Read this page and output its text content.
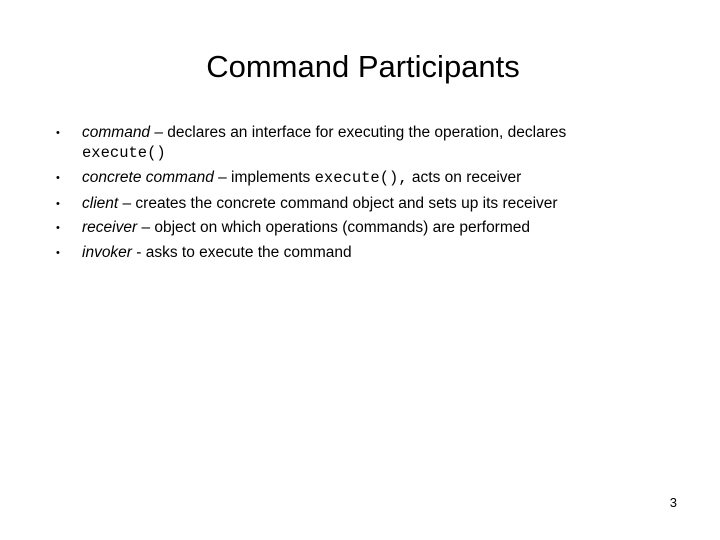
Command Participants
• command – declares an interface for executing the operation, declares
execute()
• concrete command – implements execute(), acts on receiver
• client – creates the concrete command object and sets up its receiver
• receiver – object on which operations (commands) are performed
• invoker - asks to execute the command
3
